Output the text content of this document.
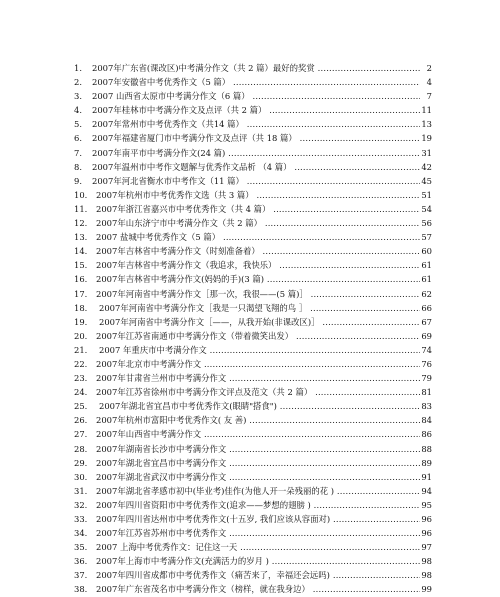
1.	2007年广东省(课改区)中考满分作文（共 2 篇）最好的奖赏 .....	2
2.	2007年安徽省中考优秀作文（5 篇） .....	4
3.	2007 山西省太原市中考满分作文（6 篇） .....	7
4.	2007年桂林市中考满分作文及点评（共 2 篇） .....	11
5.	2007年常州市中考优秀作文（共14 篇） .....	13
6.	2007年福建省厦门市中考满分作文及点评（共 18 篇） .....	19
7.	2007年南平市中考满分作文(24 篇) .....	31
8.	2007年温州市中考作文题解与优秀作文品析 （4 篇） .....	42
9.	2007年河北省衡水市中考作文（11 篇） .....	45
10.	2007年杭州市中考优秀作文选（共 3 篇） .....	51
11.	2007年浙江省嘉兴市中考优秀作文（共 4 篇） .....	54
12.	2007年山东济宁市中考满分作文（共 2 篇） .....	56
13.	2007 盐城中考优秀作文（5 篇） .....	57
14.	2007年吉林省中考满分作文（时刻准备着） .....	60
15.	2007年吉林省中考满分作文（我追求，我快乐） .....	61
16.	2007年吉林省中考满分作文(妈妈的手)(3 篇) .....	61
17.	2007年河南省中考满分作文［那一次，我很——(5 篇)］ .....	62
18.	2007年河南省中考满分作文［我是一只渴望飞翔的鸟 ］ .....	66
19.	2007年河南省中考满分作文［——，从我开始(非课改区)］ .....	67
20.	2007年江苏省南通市中考满分作文（带着微笑出发） .....	69
21.	2007 年重庆市中考满分作文 .....	74
22.	2007年北京市中考满分作文 .....	76
23.	2007年甘肃省兰州市中考满分作文 .....	79
24.	2007年江苏省徐州市中考满分作文评点及范文（共 2 篇） .....	81
25.	2007年湖北省宜昌市中考优秀作文(眼睛"搭食") .....	83
26.	2007年杭州市富阳中考优秀作文( 友 善) .....	84
27.	2007年山西省中考满分作文 .....	86
28.	2007年湖南省长沙市中考满分作文 .....	88
29.	2007年湖北省宜昌市中考满分作文 .....	89
30.	2007年湖北省武汉市中考满分作文 .....	91
31.	2007年湖北省孝感市初中(毕业考)佳作(为他人开一朵残丽的花 ) .....	94
32.	2007年四川省资阳市中考优秀作文(追求——梦想的翅膀 ) .....	95
33.	2007年四川省达州市中考优秀作文(十五岁, 我们应该从容面对) .....	96
34.	2007年江苏省苏州市中考优秀作文 .....	96
35.	2007 上海中考优秀作文：记住这一天 .....	97
36.	2007年上海市中考满分作文(充满活力的岁月 ) .....	98
37.	2007年四川省成都市中考优秀作文（痛苦来了，幸福还会远吗) .....	98
38.	2007年广东省茂名市中考满分作文（榜样，就在我身边） .....	99
